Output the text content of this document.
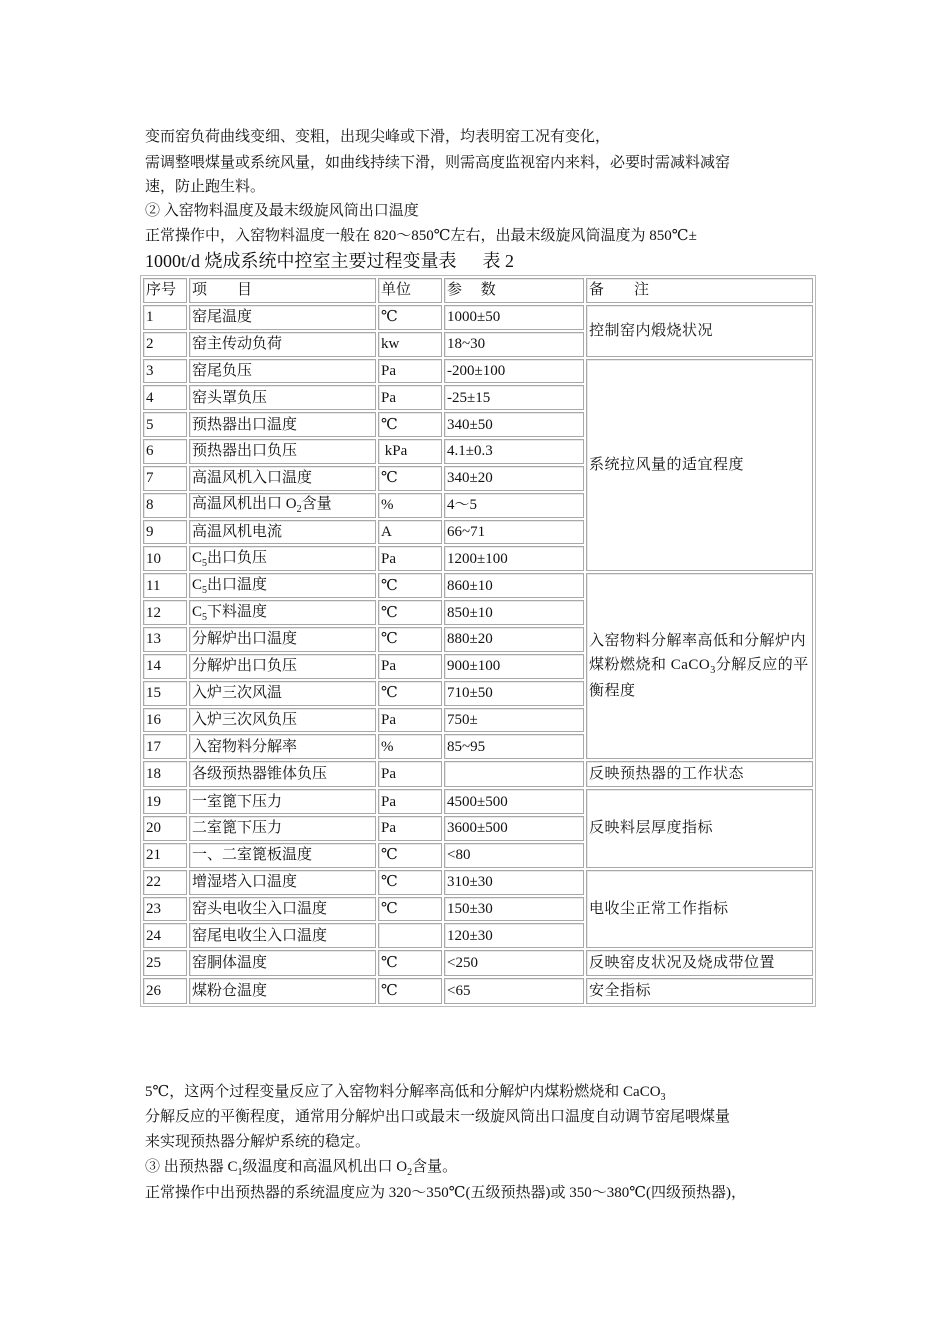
变而窑负荷曲线变细、变粗，出现尖峰或下滑，均表明窑工况有变化，
需调整喂煤量或系统风量，如曲线持续下滑，则需高度监视窑内来料，必要时需减料减窑
速，防止跑生料。
② 入窑物料温度及最末级旋风筒出口温度
正常操作中，入窑物料温度一般在 820～850℃左右，出最末级旋风筒温度为 850℃±
1000t/d 烧成系统中控室主要过程变量表 表 2
序号	项　　目	单位	参　 数	备　　注
1	窑尾温度	℃	1000±50	控制窑内煅烧状况
2	窑主传动负荷	kw	18~30	
3	窑尾负压	Pa	-200±100	系统拉风量的适宜程度
4	窑头罩负压	Pa	-25±15	
5	预热器出口温度	℃	340±50	
6	预热器出口负压	kPa	4.1±0.3	
7	高温风机入口温度	℃	340±20	
8	高温风机出口 $O_2$含量	%	4～5	
9	高温风机电流	A	66~71	
10	$C_5$出口负压	Pa	1200±100	
11	$C_5$出口温度	℃	860±10	入窑物料分解率高低和分解炉内煤粉燃烧和 CaCO$_3$分解反应的平衡程度
12	$C_5$下料温度	℃	850±10	
13	分解炉出口温度	℃	880±20	
14	分解炉出口负压	Pa	900±100	
15	入炉三次风温	℃	710±50	
16	入炉三次风负压	Pa	750±	
17	入窑物料分解率	%	85~95	
18	各级预热器锥体负压	Pa		反映预热器的工作状态
19	一室篦下压力	Pa	4500±500	反映料层厚度指标
20	二室篦下压力	Pa	3600±500	
21	一、二室篦板温度	℃	<80	
22	增湿塔入口温度	℃	310±30	电收尘正常工作指标
23	窑头电收尘入口温度	℃	150±30	
24	窑尾电收尘入口温度		120±30	
25	窑胴体温度	℃	<250	反映窑皮状况及烧成带位置
26	煤粉仓温度	℃	<65	安全指标
5℃，这两个过程变量反应了入窑物料分解率高低和分解炉内煤粉燃烧和 CaCO$_3$
分解反应的平衡程度，通常用分解炉出口或最末一级旋风筒出口温度自动调节窑尾喂煤量
来实现预热器分解炉系统的稳定。
③ 出预热器 $C_1$级温度和高温风机出口 $O_2$含量。
正常操作中出预热器的系统温度应为 320～350℃(五级预热器)或 350～380℃(四级预热器)，
